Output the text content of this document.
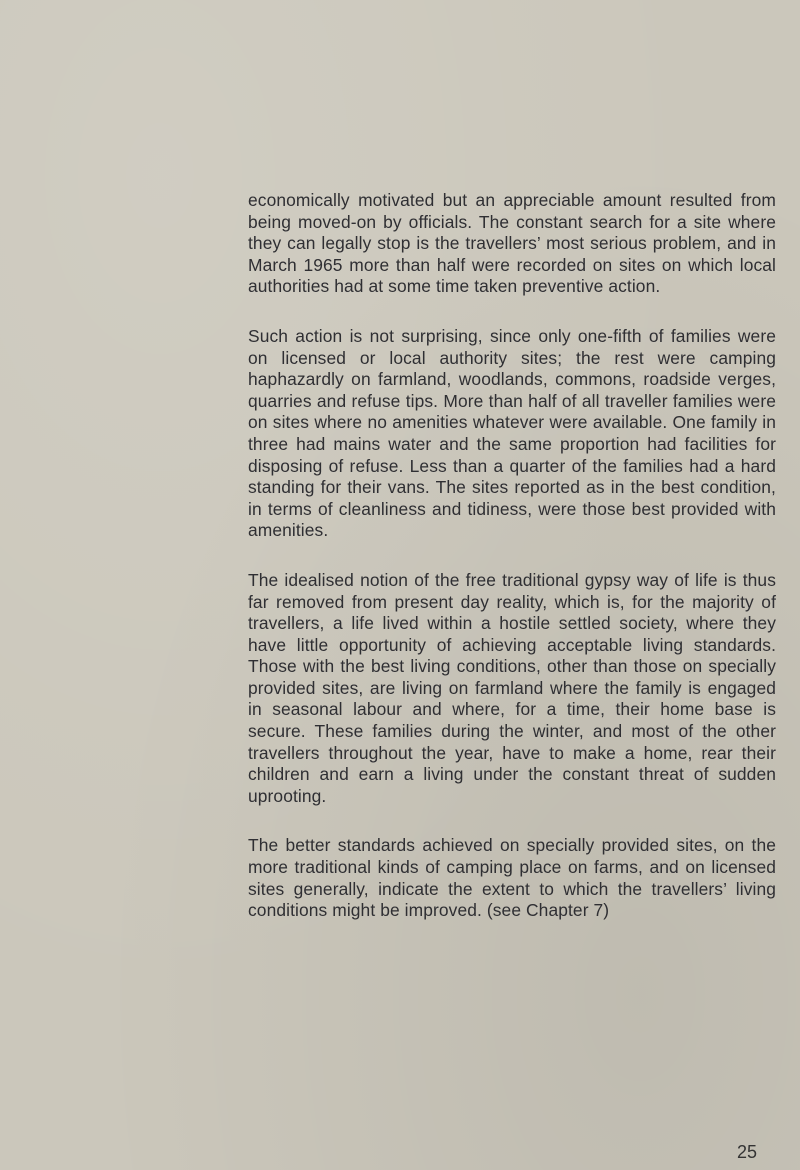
economically motivated but an appreciable amount resulted from being moved-on by officials. The constant search for a site where they can legally stop is the travellers’ most serious problem, and in March 1965 more than half were recorded on sites on which local authorities had at some time taken preventive action.

Such action is not surprising, since only one-fifth of families were on licensed or local authority sites; the rest were camping haphazardly on farmland, woodlands, commons, roadside verges, quarries and refuse tips. More than half of all traveller families were on sites where no amenities whatever were available. One family in three had mains water and the same proportion had facilities for disposing of refuse. Less than a quarter of the families had a hard standing for their vans. The sites reported as in the best condition, in terms of cleanliness and tidiness, were those best provided with amenities.

The idealised notion of the free traditional gypsy way of life is thus far removed from present day reality, which is, for the majority of travellers, a life lived within a hostile settled society, where they have little opportunity of achieving acceptable living standards. Those with the best living conditions, other than those on specially provided sites, are living on farmland where the family is engaged in seasonal labour and where, for a time, their home base is secure. These families during the winter, and most of the other travellers throughout the year, have to make a home, rear their children and earn a living under the constant threat of sudden uprooting.

The better standards achieved on specially provided sites, on the more traditional kinds of camping place on farms, and on licensed sites generally, indicate the extent to which the travellers’ living conditions might be improved. (see Chapter 7)

25
